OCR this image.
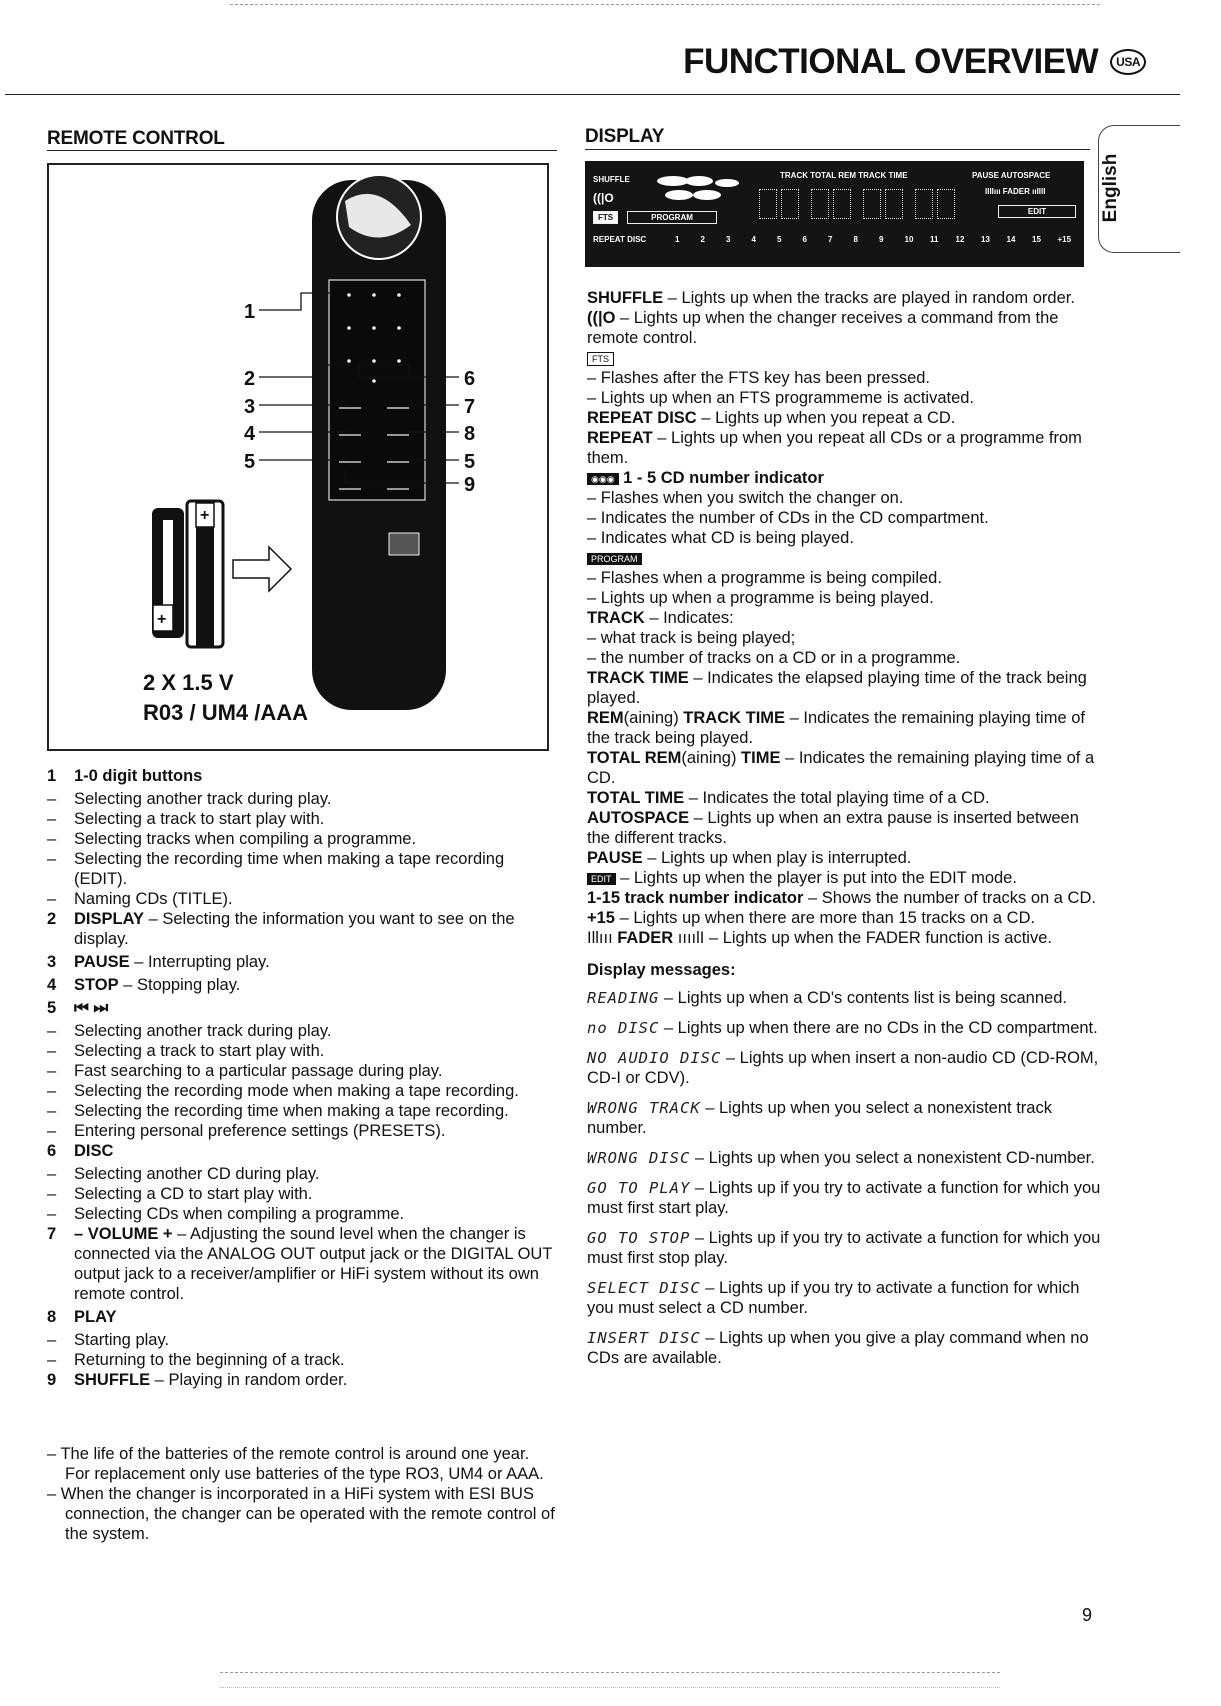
FUNCTIONAL OVERVIEW	USA
REMOTE CONTROL
1
2
3
4
5
6
7
8
5
9
+
+
2 X 1.5 V
R03 / UM4 /AAA
1	1-0 digit buttons
–	Selecting another track during play.
–	Selecting a track to start play with.
–	Selecting tracks when compiling a programme.
–	Selecting the recording time when making a tape recording (EDIT).
–	Naming CDs (TITLE).
2	DISPLAY – Selecting the information you want to see on the display.
3	PAUSE – Interrupting play.
4	STOP – Stopping play.
5	⏮ ⏭
–	Selecting another track during play.
–	Selecting a track to start play with.
–	Fast searching to a particular passage during play.
–	Selecting the recording mode when making a tape recording.
–	Selecting the recording time when making a tape recording.
–	Entering personal preference settings (PRESETS).
6	DISC
–	Selecting another CD during play.
–	Selecting a CD to start play with.
–	Selecting CDs when compiling a programme.
7	– VOLUME + – Adjusting the sound level when the changer is connected via the ANALOG OUT output jack or the DIGITAL OUT output jack to a receiver/amplifier or HiFi system without its own remote control.
8	PLAY
–	Starting play.
–	Returning to the beginning of a track.
9	SHUFFLE – Playing in random order.
– The life of the batteries of the remote control is around one year. For replacement only use batteries of the type RO3, UM4 or AAA.
– When the changer is incorporated in a HiFi system with ESI BUS connection, the changer can be operated with the remote control of the system.
DISPLAY
English
SHUFFLE
((|O
TRACK TOTAL REM TRACK TIME	PAUSE AUTOSPACE
IIIlııı FADER ıılllI
FTS	PROGRAM
EDIT
REPEAT DISC	1	2	3	4	5	6	7	8	9	10 11 12 13 14 15 +15
SHUFFLE – Lights up when the tracks are played in random order.
((|O – Lights up when the changer receives a command from the remote control.
FTS
– Flashes after the FTS key has been pressed.
– Lights up when an FTS programmeme is activated.
REPEAT DISC – Lights up when you repeat a CD.
REPEAT – Lights up when you repeat all CDs or a programme from them.
◉◉◉ 1 - 5 CD number indicator
– Flashes when you switch the changer on.
– Indicates the number of CDs in the CD compartment.
– Indicates what CD is being played.
PROGRAM
– Flashes when a programme is being compiled.
– Lights up when a programme is being played.
TRACK – Indicates:
– what track is being played;
– the number of tracks on a CD or in a programme.
TRACK TIME – Indicates the elapsed playing time of the track being played.
REM(aining) TRACK TIME – Indicates the remaining playing time of the track being played.
TOTAL REM(aining) TIME – Indicates the remaining playing time of a CD.
TOTAL TIME – Indicates the total playing time of a CD.
AUTOSPACE – Lights up when an extra pause is inserted between the different tracks.
PAUSE – Lights up when play is interrupted.
EDIT – Lights up when the player is put into the EDIT mode.
1-15 track number indicator – Shows the number of tracks on a CD.
+15 – Lights up when there are more than 15 tracks on a CD.
Illııı FADER ıııılI – Lights up when the FADER function is active.
Display messages:
READING – Lights up when a CD's contents list is being scanned.
no DISC – Lights up when there are no CDs in the CD compartment.
NO AUDIO DISC – Lights up when insert a non-audio CD (CD-ROM, CD-I or CDV).
WRONG TRACK – Lights up when you select a nonexistent track number.
WRONG DISC – Lights up when you select a nonexistent CD-number.
GO TO PLAY – Lights up if you try to activate a function for which you must first start play.
GO TO STOP – Lights up if you try to activate a function for which you must first stop play.
SELECT DISC – Lights up if you try to activate a function for which you must select a CD number.
INSERT DISC – Lights up when you give a play command when no CDs are available.
9
